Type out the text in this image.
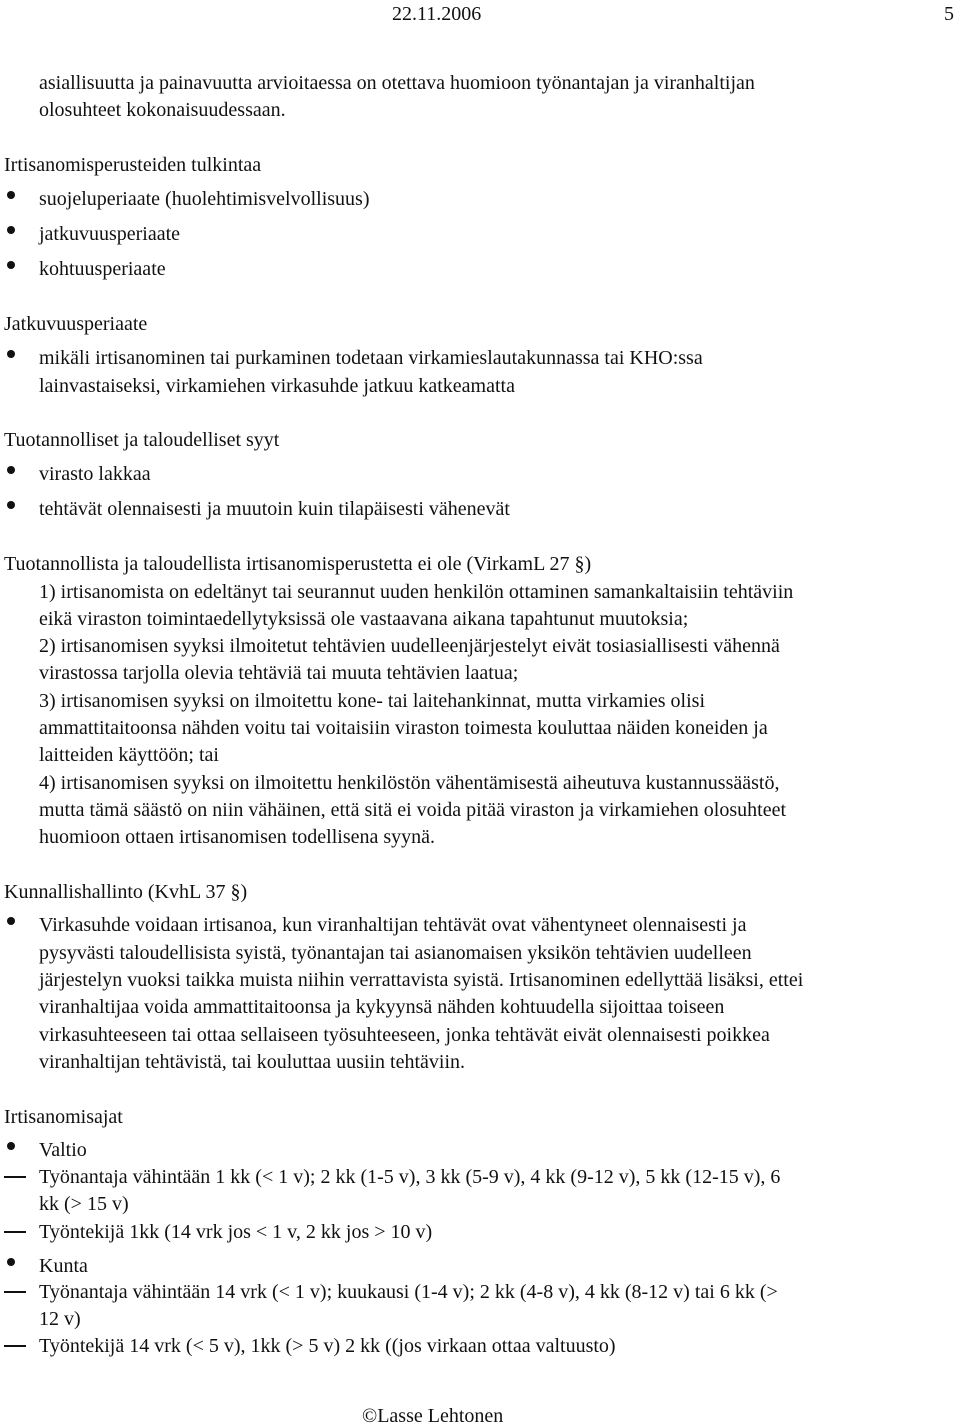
22.11.2006	5
asiallisuutta ja painavuutta arvioitaessa on otettava huomioon työnantajan ja viranhaltijan
olosuhteet kokonaisuudessaan.
Irtisanomisperusteiden tulkintaa
suojeluperiaate (huolehtimisvelvollisuus)
jatkuvuusperiaate
kohtuusperiaate
Jatkuvuusperiaate
mikäli irtisanominen tai purkaminen todetaan virkamieslautakunnassa tai KHO:ssa
lainvastaiseksi, virkamiehen virkasuhde jatkuu katkeamatta
Tuotannolliset ja taloudelliset syyt
virasto lakkaa
tehtävät olennaisesti ja muutoin kuin tilapäisesti vähenevät
Tuotannollista ja taloudellista irtisanomisperustetta ei ole (VirkamL 27 §)
1) irtisanomista on edeltänyt tai seurannut uuden henkilön ottaminen samankaltaisiin tehtäviin
eikä viraston toimintaedellytyksissä ole vastaavana aikana tapahtunut muutoksia;
2) irtisanomisen syyksi ilmoitetut tehtävien uudelleenjärjestelyt eivät tosiasiallisesti vähennä
virastossa tarjolla olevia tehtäviä tai muuta tehtävien laatua;
3) irtisanomisen syyksi on ilmoitettu kone- tai laitehankinnat, mutta virkamies olisi
ammattitaitoonsa nähden voitu tai voitaisiin viraston toimesta kouluttaa näiden koneiden ja
laitteiden käyttöön; tai
4) irtisanomisen syyksi on ilmoitettu henkilöstön vähentämisestä aiheutuva kustannussäästö,
mutta tämä säästö on niin vähäinen, että sitä ei voida pitää viraston ja virkamiehen olosuhteet
huomioon ottaen irtisanomisen todellisena syynä.
Kunnallishallinto (KvhL 37 §)
Virkasuhde voidaan irtisanoa, kun viranhaltijan tehtävät ovat vähentyneet olennaisesti ja
pysyvästi taloudellisista syistä, työnantajan tai asianomaisen yksikön tehtävien uudelleen
järjestelyn vuoksi taikka muista niihin verrattavista syistä. Irtisanominen edellyttää lisäksi, ettei
viranhaltijaa voida ammattitaitoonsa ja kykyynsä nähden kohtuudella sijoittaa toiseen
virkasuhteeseen tai ottaa sellaiseen työsuhteeseen, jonka tehtävät eivät olennaisesti poikkea
viranhaltijan tehtävistä, tai kouluttaa uusiin tehtäviin.
Irtisanomisajat
Valtio
Työnantaja vähintään 1 kk (< 1 v); 2 kk (1-5 v), 3 kk (5-9 v), 4 kk (9-12 v), 5 kk (12-15 v), 6
kk (> 15 v)
Työntekijä 1kk (14 vrk jos < 1 v, 2 kk jos > 10 v)
Kunta
Työnantaja vähintään 14 vrk (< 1 v); kuukausi (1-4 v); 2 kk (4-8 v), 4 kk (8-12 v) tai 6 kk (>
12 v)
Työntekijä 14 vrk (< 5 v), 1kk (> 5 v) 2 kk ((jos virkaan ottaa valtuusto)
©Lasse Lehtonen
